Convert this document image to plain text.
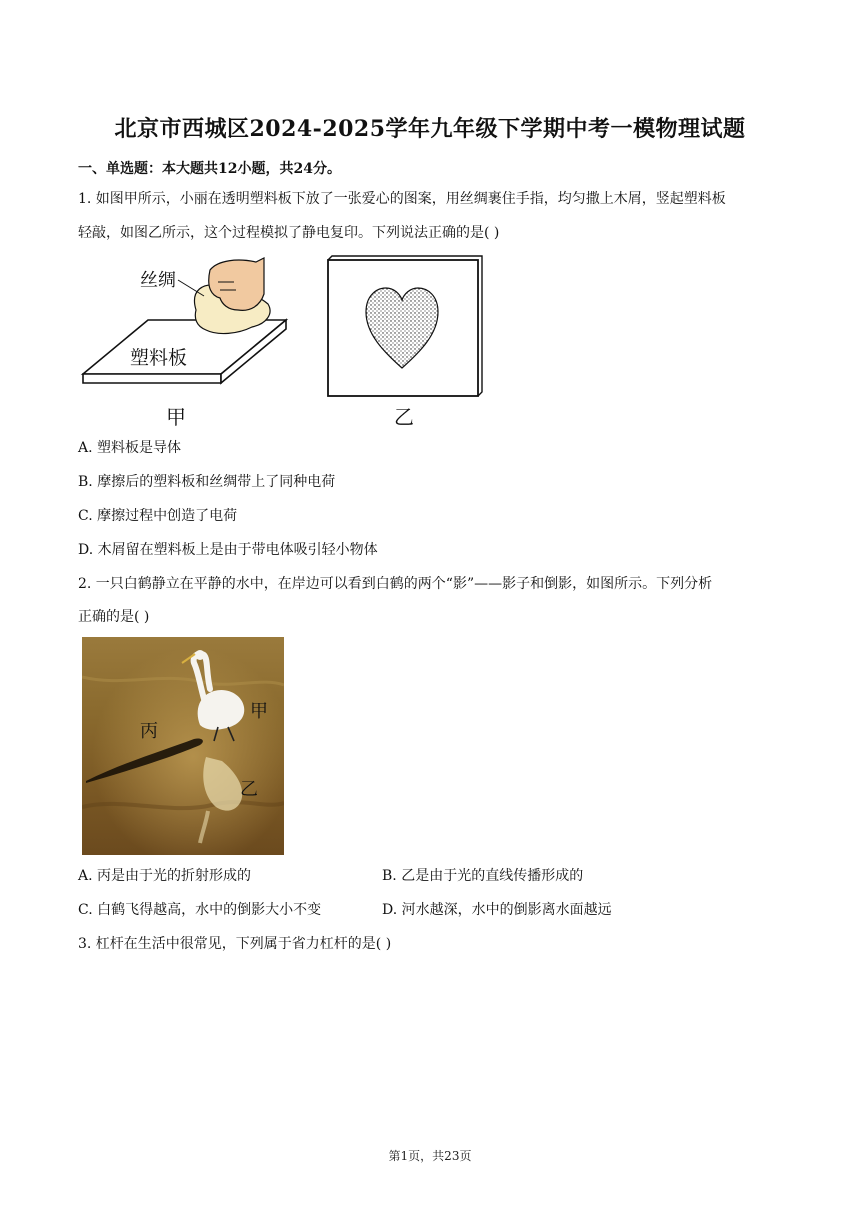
北京市西城区2024-2025学年九年级下学期中考一模物理试题
一、单选题：本大题共12小题，共24分。
1. 如图甲所示，小丽在透明塑料板下放了一张爱心的图案，用丝绸裹住手指，均匀撒上木屑，竖起塑料板
轻敲，如图乙所示，这个过程模拟了静电复印。下列说法正确的是( )
丝绸
塑料板
甲	乙
A. 塑料板是导体
B. 摩擦后的塑料板和丝绸带上了同种电荷
C. 摩擦过程中创造了电荷
D. 木屑留在塑料板上是由于带电体吸引轻小物体
2. 一只白鹤静立在平静的水中，在岸边可以看到白鹤的两个“影”——影子和倒影，如图所示。下列分析
正确的是( )
甲
丙
乙
A. 丙是由于光的折射形成的	B. 乙是由于光的直线传播形成的
C. 白鹤飞得越高，水中的倒影大小不变	D. 河水越深，水中的倒影离水面越远
3. 杠杆在生活中很常见，下列属于省力杠杆的是( )
第1页，共23页
